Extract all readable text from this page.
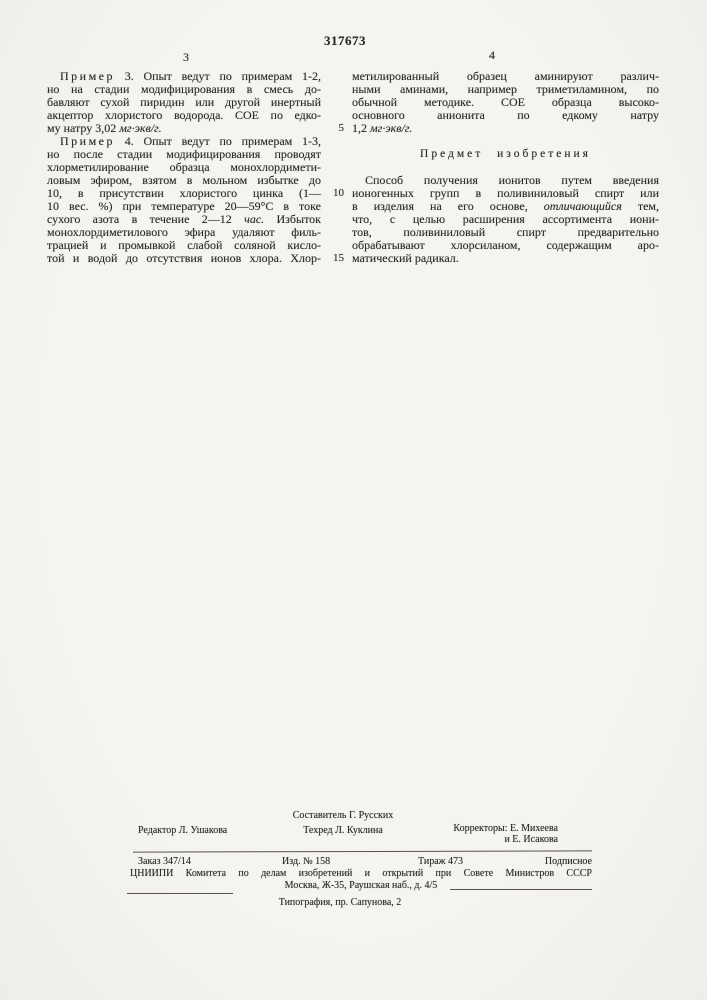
317673
3	4
5
10
15
Пример 3. Опыт ведут по примерам 1-2,
но на стадии модифицирования в смесь до-
бавляют сухой пиридин или другой инертный
акцептор хлористого водорода. СОЕ по едко-
му натру 3,02 мг·экв/г.
Пример 4. Опыт ведут по примерам 1-3,
но после стадии модифицирования проводят
хлорметилирование образца монохлордимети-
ловым эфиром, взятом в мольном избытке до
10, в присутствии хлористого цинка (1—
10 вес. %) при температуре 20—59°С в токе
сухого азота в течение 2—12 час. Избыток
монохлордиметилового эфира удаляют филь-
трацией и промывкой слабой соляной кисло-
той и водой до отсутствия ионов хлора. Хлор-
метилированный образец аминируют различ-
ными аминами, например триметиламином, по
обычной методике. СОЕ образца высоко-
основного анионита по едкому натру
1,2 мг·экв/г.
Предмет изобретения
Способ получения ионитов путем введения
ионогенных групп в поливиниловый спирт или
в изделия на его основе, отличающийся тем,
что, с целью расширения ассортимента иони-
тов, поливиниловый спирт предварительно
обрабатывают хлорсиланом, содержащим аро-
матический радикал.
Составитель Г. Русских
Редактор Л. Ушакова	Техред Л. Куклина	Корректоры: Е. Михеева
и Е. Исакова
Заказ 347/14	Изд. № 158	Тираж 473	Подписное
ЦНИИПИ Комитета по делам изобретений и открытий при Совете Министров СССР
Москва, Ж-35, Раушская наб., д. 4/5
Типография, пр. Сапунова, 2
